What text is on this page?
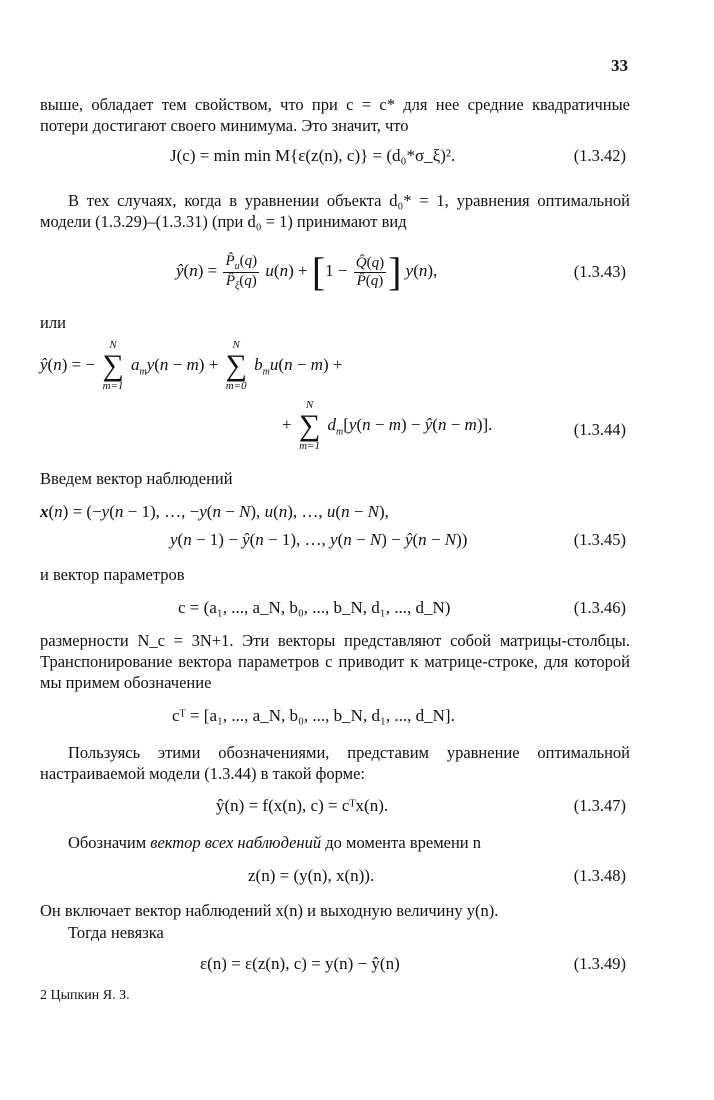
33
выше, обладает тем свойством, что при c = c* для нее средние квадратичные потери достигают своего минимума. Это значит, что
J(c) = min min M{ε(z(n), c)} = (d₀*σ_ξ)².	(1.3.42)
В тех случаях, когда в уравнении объекта d₀* = 1, уравнения оптимальной модели (1.3.29)–(1.3.31) (при d₀ = 1) принимают вид
ŷ(n) = $\frac{P̂_u(q)}{P̂_\xi(q)} u(n) + [1 - \frac{Q̂(q)}{P̂(q)}$ ] y(n),	(1.3.43)
или
ŷ(n) = −
N
∑
m=1
$a_my(n - m)$ +
N
∑
m=0
$b_mu(n - m)$ +
+
N
∑
m=1
$d_m[y(n - m)$ − ŷ(n − m)].	(1.3.44)
Введем вектор наблюдений
x(n) = (−y(n − 1), …, −y(n − N), u(n), …, u(n − N),
y(n − 1) − ŷ(n − 1), …, y(n − N) − ŷ(n − N))	(1.3.45)
и вектор параметров
c = (a₁, ..., a_N, b₀, ..., b_N, d₁, ..., d_N)	(1.3.46)
размерности N_c = 3N+1. Эти векторы представляют собой матрицы-столбцы. Транспонирование вектора параметров c приводит к матрице-строке, для которой мы примем обозначение
cᵀ = [a₁, ..., a_N, b₀, ..., b_N, d₁, ..., d_N].
Пользуясь этими обозначениями, представим уравнение оптимальной настраиваемой модели (1.3.44) в такой форме:
ŷ(n) = f(x(n), c) = cᵀx(n).	(1.3.47)
Обозначим вектор всех наблюдений до момента времени n
z(n) = (y(n), x(n)).	(1.3.48)
Он включает вектор наблюдений x(n) и выходную величину y(n).
Тогда невязка
ε(n) = ε(z(n), c) = y(n) − ŷ(n)	(1.3.49)
2 Цыпкин Я. З.
